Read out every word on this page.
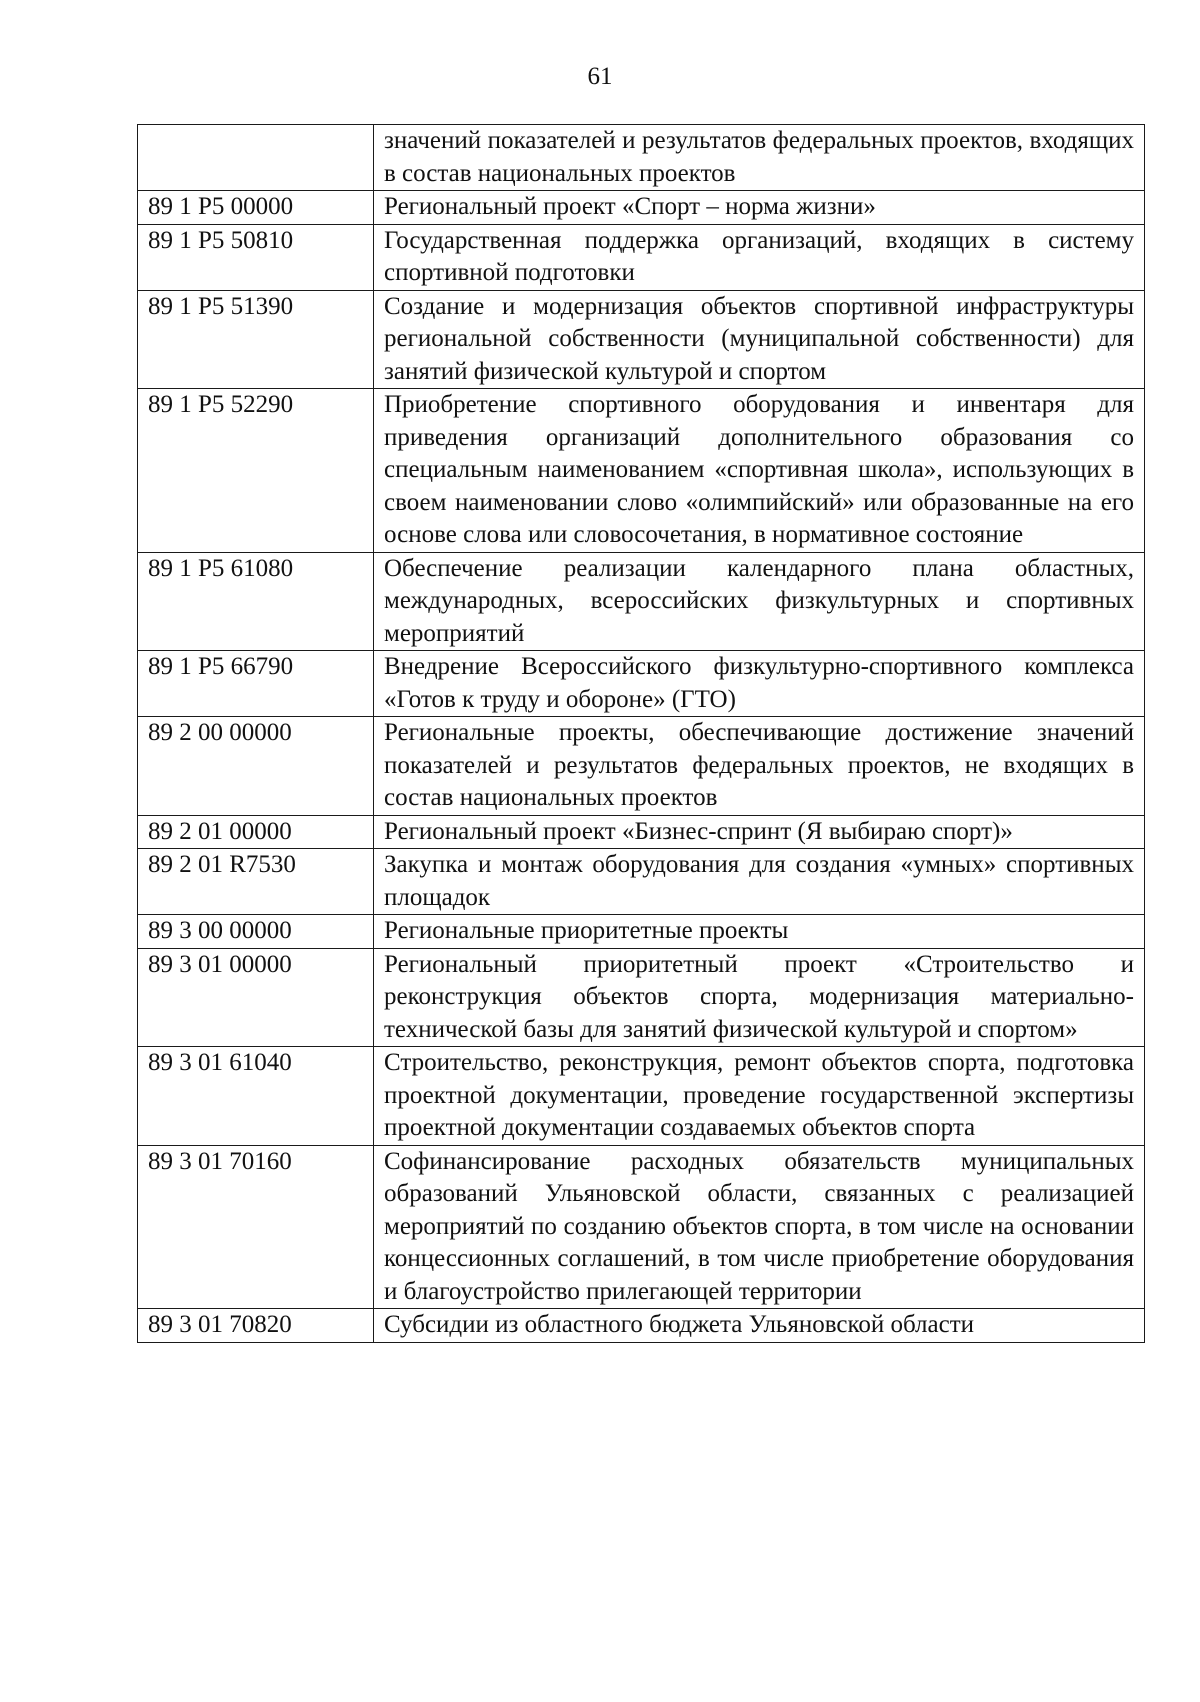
61
	значений показателей и результатов федеральных проектов, входящих в состав национальных проектов
89 1 P5 00000	Региональный проект «Спорт – норма жизни»
89 1 P5 50810	Государственная поддержка организаций, входящих в систему спортивной подготовки
89 1 P5 51390	Создание и модернизация объектов спортивной инфраструктуры региональной собственности (муниципальной собственности) для занятий физической культурой и спортом
89 1 P5 52290	Приобретение спортивного оборудования и инвентаря для приведения организаций дополнительного образования со специальным наименованием «спортивная школа», использующих в своем наименовании слово «олимпийский» или образованные на его основе слова или словосочетания, в нормативное состояние
89 1 P5 61080	Обеспечение реализации календарного плана областных, международных, всероссийских физкультурных и спортивных мероприятий
89 1 P5 66790	Внедрение Всероссийского физкультурно-спортивного комплекса «Готов к труду и обороне» (ГТО)
89 2 00 00000	Региональные проекты, обеспечивающие достижение значений показателей и результатов федеральных проектов, не входящих в состав национальных проектов
89 2 01 00000	Региональный проект «Бизнес-спринт (Я выбираю спорт)»
89 2 01 R7530	Закупка и монтаж оборудования для создания «умных» спортивных площадок
89 3 00 00000	Региональные приоритетные проекты
89 3 01 00000	Региональный приоритетный проект «Строительство и реконструкция объектов спорта, модернизация материально-технической базы для занятий физической культурой и спортом»
89 3 01 61040	Строительство, реконструкция, ремонт объектов спорта, подготовка проектной документации, проведение государственной экспертизы проектной документации создаваемых объектов спорта
89 3 01 70160	Софинансирование расходных обязательств муниципальных образований Ульяновской области, связанных с реализацией мероприятий по созданию объектов спорта, в том числе на основании концессионных соглашений, в том числе приобретение оборудования и благоустройство прилегающей территории
89 3 01 70820	Субсидии из областного бюджета Ульяновской области
